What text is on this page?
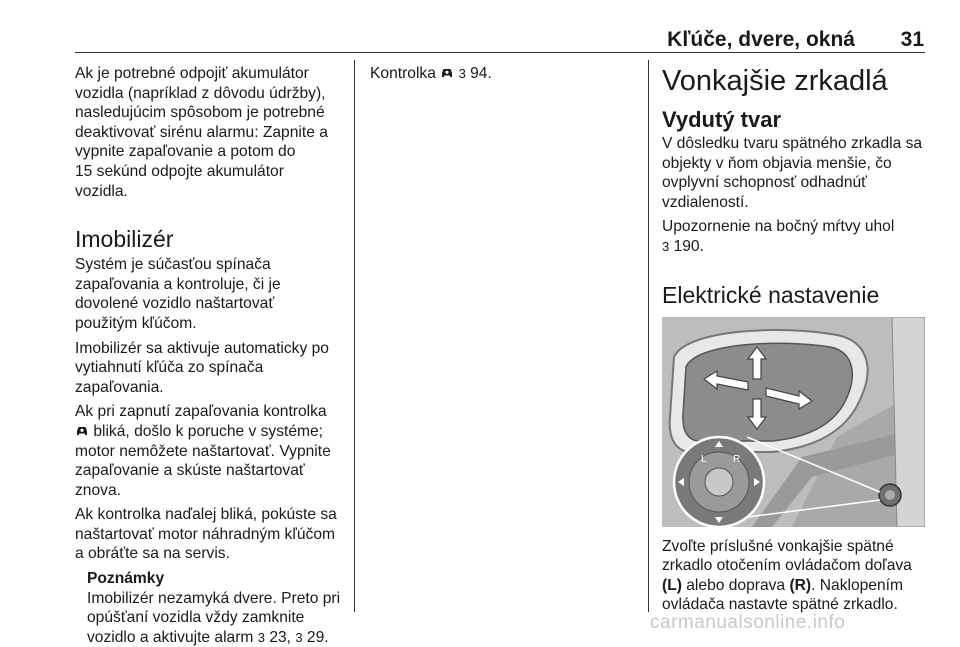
Kľúče, dvere, okná	31

Ak je potrebné odpojiť akumulátor
vozidla (napríklad z dôvodu údržby),
nasledujúcim spôsobom je potrebné
deaktivovať sirénu alarmu: Zapnite a
vypnite zapaľovanie a potom do
15 sekúnd odpojte akumulátor
vozidla.

Imobilizér

Systém je súčasťou spínača
zapaľovania a kontroluje, či je
dovolené vozidlo naštartovať
použitým kľúčom.

Imobilizér sa aktivuje automaticky po
vytiahnutí kľúča zo spínača
zapaľovania.

Ak pri zapnutí zapaľovania kontrolka
bliká, došlo k poruche v systéme;
motor nemôžete naštartovať. Vypnite
zapaľovanie a skúste naštartovať
znova.

Ak kontrolka naďalej bliká, pokúste sa
naštartovať motor náhradným kľúčom
a obráťte sa na servis.

Poznámky

Imobilizér nezamyká dvere. Preto pri
opúšťaní vozidla vždy zamknite
vozidlo a aktivujte alarm 3 23, 3 29.

Kontrolka  3 94.	Vonkajšie zrkadlá
Vydutý tvar

V dôsledku tvaru spätného zrkadla sa
objekty v ňom objavia menšie, čo
ovplyvní schopnosť odhadnúť
vzdialeností.

Upozornenie na bočný mŕtvy uhol
3 190.

Elektrické nastavenie
L	R

Zvoľte príslušné vonkajšie spätné
zrkadlo otočením ovládačom doľava
(L) alebo doprava (R). Naklopením
ovládača nastavte spätné zrkadlo.

carmanualsonline.info
